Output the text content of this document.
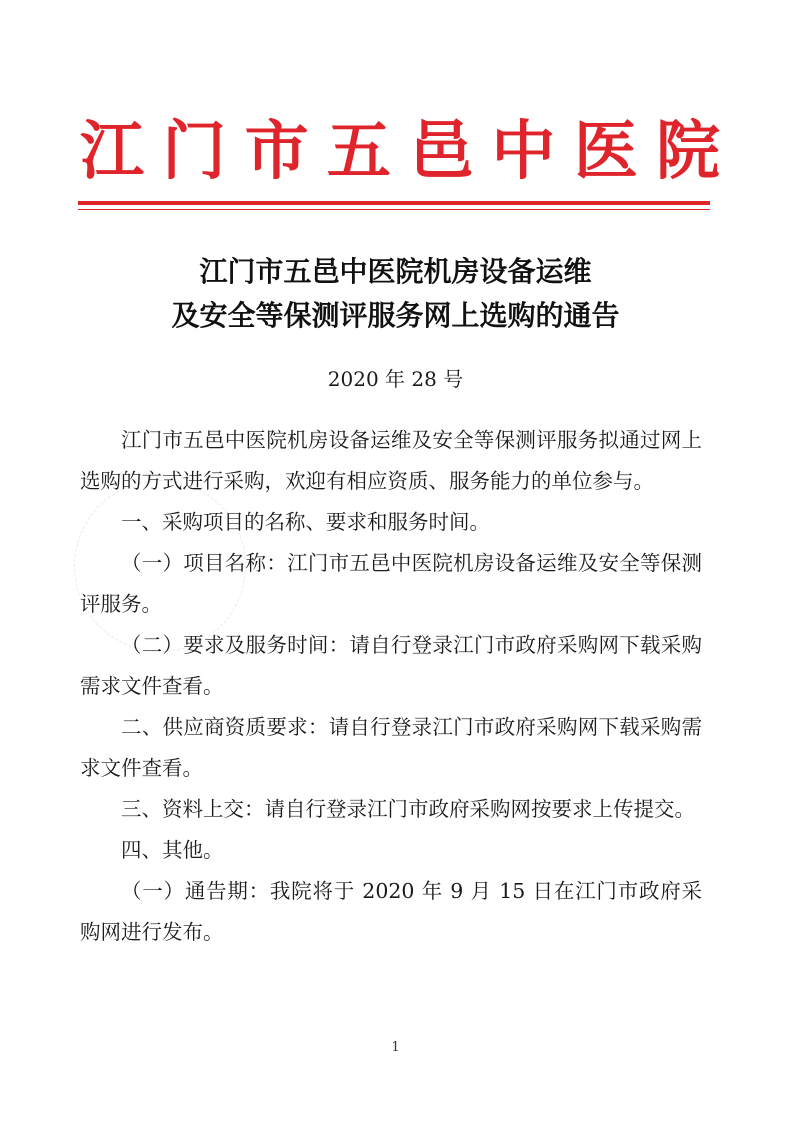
江 门 市 五 邑 中 医 院
江门市五邑中医院机房设备运维
及安全等保测评服务网上选购的通告
2020 年 28 号

江门市五邑中医院机房设备运维及安全等保测评服务拟通过网上选购的方式进行采购，欢迎有相应资质、服务能力的单位参与。

一、采购项目的名称、要求和服务时间。

（一）项目名称：江门市五邑中医院机房设备运维及安全等保测评服务。

（二）要求及服务时间：请自行登录江门市政府采购网下载采购需求文件查看。

二、供应商资质要求：请自行登录江门市政府采购网下载采购需求文件查看。

三、资料上交：请自行登录江门市政府采购网按要求上传提交。

四、其他。

（一）通告期：我院将于 2020 年 9 月 15 日在江门市政府采购网进行发布。

1
